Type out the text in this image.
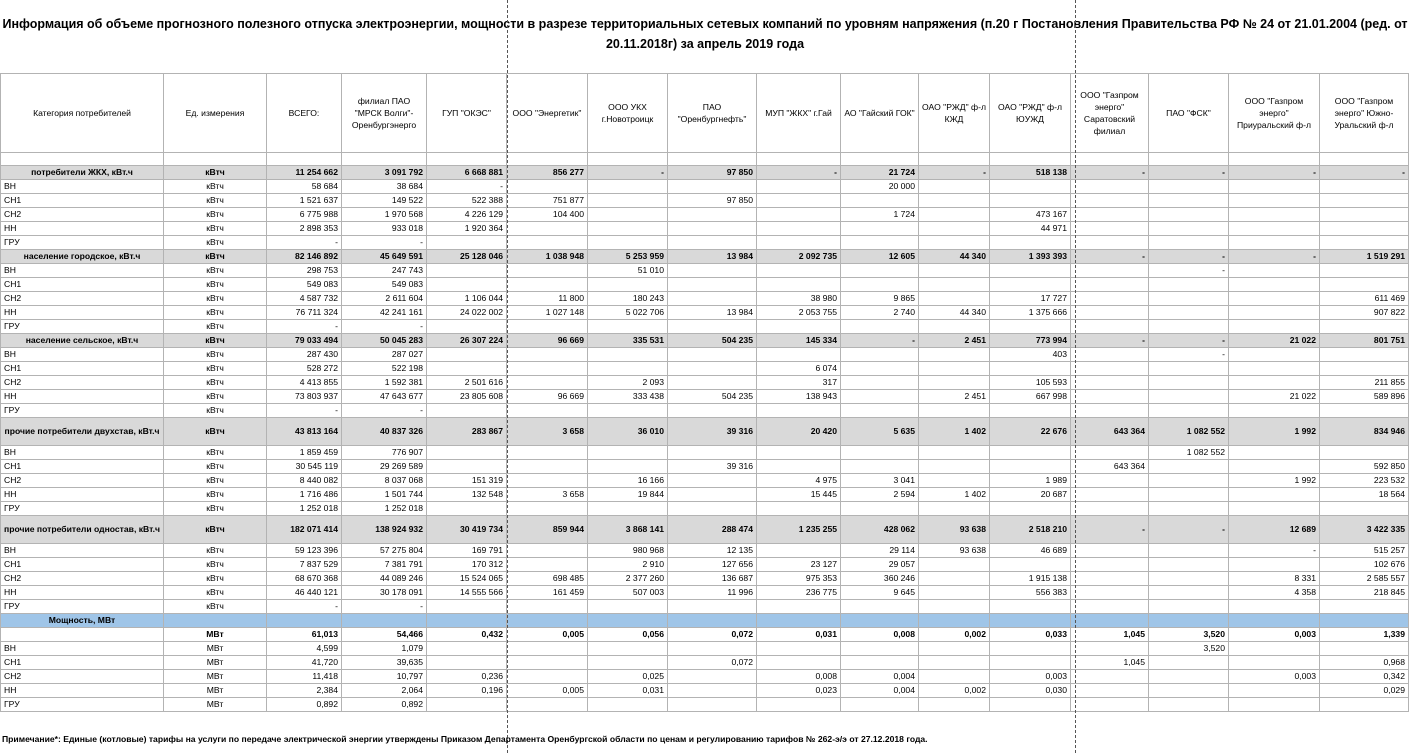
Информация об объеме прогнозного полезного отпуска электроэнергии, мощности в разрезе территориальных сетевых компаний по уровням напряжения (п.20 г Постановления Правительства РФ № 24 от 21.01.2004 (ред. от
20.11.2018г) за апрель 2019 года
Категория потребителей	Ед. измерения	ВСЕГО:	филиал ПАО "МРСК Волги"-Оренбургэнерго	ГУП "ОКЭС"	ООО "Энергетик"	ООО УКХ г.Новотроицк	ПАО "Оренбургнефть"	МУП "ЖКХ" г.Гай	АО "Гайский ГОК"	ОАО "РЖД" ф-л КЖД	ОАО "РЖД" ф-л ЮУЖД	ООО "Газпром энерго" Саратовский филиал	ПАО "ФСК"	ООО "Газпром энерго" Приуральский ф-л	ООО "Газпром энерго" Южно-Уральский ф-л

потребители ЖКХ, кВт.ч	кВтч	11 254 662	3 091 792	6 668 881	856 277	-	97 850	-	21 724	-	518 138	-	-	-	-
ВН	кВтч	58 684	38 684	-					20 000						
СН1	кВтч	1 521 637	149 522	522 388	751 877		97 850								
СН2	кВтч	6 775 988	1 970 568	4 226 129	104 400				1 724		473 167				
НН	кВтч	2 898 353	933 018	1 920 364							44 971				
ГРУ	кВтч	-	-												
население городское, кВт.ч	кВтч	82 146 892	45 649 591	25 128 046	1 038 948	5 253 959	13 984	2 092 735	12 605	44 340	1 393 393	-	-	-	1 519 291
ВН	кВтч	298 753	247 743			51 010							-		
СН1	кВтч	549 083	549 083												
СН2	кВтч	4 587 732	2 611 604	1 106 044	11 800	180 243		38 980	9 865		17 727				611 469
НН	кВтч	76 711 324	42 241 161	24 022 002	1 027 148	5 022 706	13 984	2 053 755	2 740	44 340	1 375 666				907 822
ГРУ	кВтч	-	-												
население сельское, кВт.ч	кВтч	79 033 494	50 045 283	26 307 224	96 669	335 531	504 235	145 334	-	2 451	773 994	-	-	21 022	801 751
ВН	кВтч	287 430	287 027								403		-		
СН1	кВтч	528 272	522 198					6 074							
СН2	кВтч	4 413 855	1 592 381	2 501 616		2 093		317			105 593				211 855
НН	кВтч	73 803 937	47 643 677	23 805 608	96 669	333 438	504 235	138 943		2 451	667 998			21 022	589 896
ГРУ	кВтч	-	-												
прочие потребители двухстав, кВт.ч	кВтч	43 813 164	40 837 326	283 867	3 658	36 010	39 316	20 420	5 635	1 402	22 676	643 364	1 082 552	1 992	834 946
ВН	кВтч	1 859 459	776 907										1 082 552		
СН1	кВтч	30 545 119	29 269 589				39 316					643 364			592 850
СН2	кВтч	8 440 082	8 037 068	151 319		16 166		4 975	3 041		1 989			1 992	223 532
НН	кВтч	1 716 486	1 501 744	132 548	3 658	19 844		15 445	2 594	1 402	20 687				18 564
ГРУ	кВтч	1 252 018	1 252 018												
прочие потребители одностав, кВт.ч	кВтч	182 071 414	138 924 932	30 419 734	859 944	3 868 141	288 474	1 235 255	428 062	93 638	2 518 210	-	-	12 689	3 422 335
ВН	кВтч	59 123 396	57 275 804	169 791		980 968	12 135		29 114	93 638	46 689			-	515 257
СН1	кВтч	7 837 529	7 381 791	170 312		2 910	127 656	23 127	29 057						102 676
СН2	кВтч	68 670 368	44 089 246	15 524 065	698 485	2 377 260	136 687	975 353	360 246		1 915 138			8 331	2 585 557
НН	кВтч	46 440 121	30 178 091	14 555 566	161 459	507 003	11 996	236 775	9 645		556 383			4 358	218 845
ГРУ	кВтч	-	-												
Мощность, МВт															
	МВт	61,013	54,466	0,432	0,005	0,056	0,072	0,031	0,008	0,002	0,033	1,045	3,520	0,003	1,339
ВН	МВт	4,599	1,079										3,520		
СН1	МВт	41,720	39,635				0,072					1,045			0,968
СН2	МВт	11,418	10,797	0,236		0,025		0,008	0,004		0,003			0,003	0,342
НН	МВт	2,384	2,064	0,196	0,005	0,031		0,023	0,004	0,002	0,030				0,029
ГРУ	МВт	0,892	0,892												
Примечание*: Единые (котловые) тарифы на услуги по передаче электрической энергии утверждены Приказом Департамента Оренбургской области по ценам и регулированию тарифов № 262-э/э от 27.12.2018 года.
